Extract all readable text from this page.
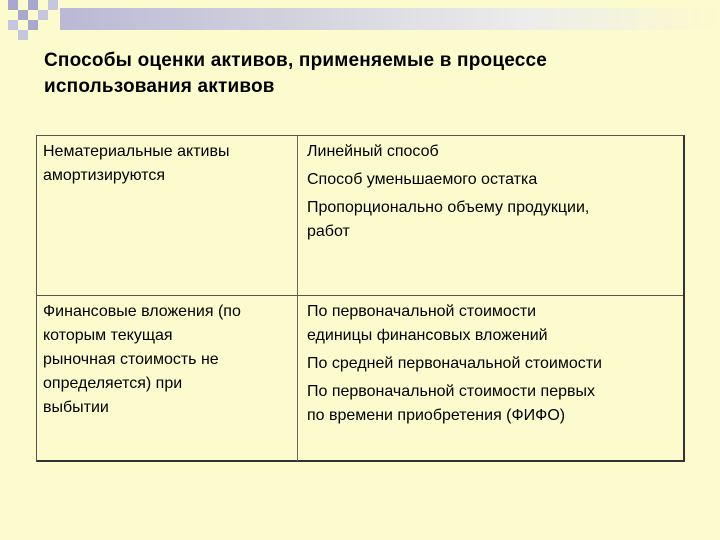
Способы оценки активов, применяемые в процессе
использования активов
Нематериальные активы
амортизируются
Линейный способ
Способ уменьшаемого остатка
Пропорционально объему продукции,
работ
Финансовые вложения (по
которым текущая
рыночная стоимость не
определяется) при
выбытии
По первоначальной стоимости
единицы финансовых вложений
По средней первоначальной стоимости
По первоначальной стоимости первых
по времени приобретения (ФИФО)
